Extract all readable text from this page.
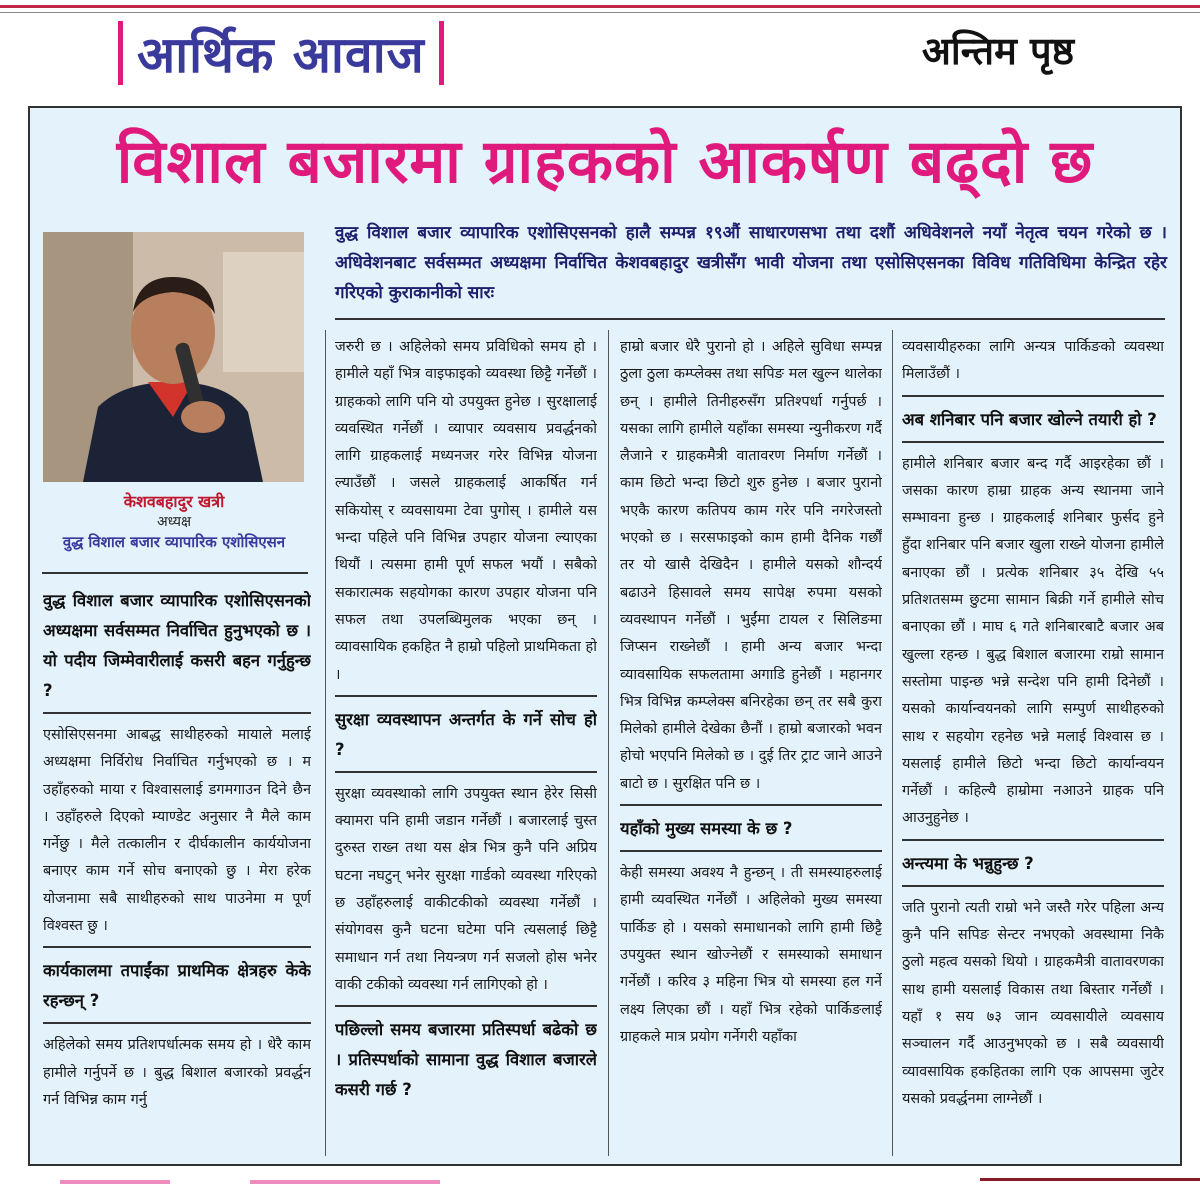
आर्थिक आवाज	अन्तिम पृष्ठ
विशाल बजारमा ग्राहकको आकर्षण बढ्दो छ
केशवबहादुर खत्री
अध्यक्ष
वुद्ध विशाल बजार व्यापारिक एशोसिएसन
वुद्ध विशाल बजार व्यापारिक एशोसिएसनको हालै सम्पन्न १९औं साधारणसभा तथा दशौं अधिवेशनले नयाँ नेतृत्व चयन गरेको छ । अधिवेशनबाट सर्वसम्मत अध्यक्षमा निर्वाचित केशवबहादुर खत्रीसँग भावी योजना तथा एसोसिएसनका विविध गतिविधिमा केन्द्रित रहेर गरिएको कुराकानीको सारः
वुद्ध विशाल बजार व्यापारिक एशोसिएसनको अध्यक्षमा सर्वसम्मत निर्वाचित हुनुभएको छ । यो पदीय जिम्मेवारीलाई कसरी बहन गर्नुहुन्छ ?
एसोसिएसनमा आबद्ध साथीहरुको मायाले मलाई अध्यक्षमा निर्विरोध निर्वाचित गर्नुभएको छ । म उहाँहरुको माया र विश्वासलाई डगमगाउन दिने छैन । उहाँहरुले दिएको म्याण्डेट अनुसार नै मैले काम गर्नेछु । मैले तत्कालीन र दीर्घकालीन कार्ययोजना बनाएर काम गर्ने सोच बनाएको छु । मेरा हरेक योजनामा सबै साथीहरुको साथ पाउनेमा म पूर्ण विश्वस्त छु ।
कार्यकालमा तपाईंका प्राथमिक क्षेत्रहरु केके रहन्छन् ?
अहिलेको समय प्रतिशपर्धात्मक समय हो । धेरै काम हामीले गर्नुपर्ने छ । बुद्ध बिशाल बजारको प्रवर्द्धन गर्न विभिन्न काम गर्नु
जरुरी छ । अहिलेको समय प्रविधिको समय हो । हामीले यहाँ भित्र वाइफाइको व्यवस्था छिट्टै गर्नेछौं । ग्राहकको लागि पनि यो उपयुक्त हुनेछ । सुरक्षालाई व्यवस्थित गर्नेछौं । व्यापार व्यवसाय प्रवर्द्धनको लागि ग्राहकलाई मध्यनजर गरेर विभिन्न योजना ल्याउँछौं । जसले ग्राहकलाई आकर्षित गर्न सकियोस् र व्यवसायमा टेवा पुगोस् । हामीले यस भन्दा पहिले पनि विभिन्न उपहार योजना ल्याएका थियौं । त्यसमा हामी पूर्ण सफल भयौं । सबैको सकारात्मक सहयोगका कारण उपहार योजना पनि सफल तथा उपलब्धिमुलक भएका छन् । व्यावसायिक हकहित नै हाम्रो पहिलो प्राथमिकता हो ।
सुरक्षा व्यवस्थापन अन्तर्गत के गर्ने सोच हो ?
सुरक्षा व्यवस्थाको लागि उपयुक्त स्थान हेरेर सिसी क्यामरा पनि हामी जडान गर्नेछौं । बजारलाई चुस्त दुरुस्त राख्न तथा यस क्षेत्र भित्र कुनै पनि अप्रिय घटना नघटुन् भनेर सुरक्षा गार्डको व्यवस्था गरिएको छ उहाँहरुलाई वाकीटकीको व्यवस्था गर्नेछौं । संयोगवस कुनै घटना घटेमा पनि त्यसलाई छिट्टै समाधान गर्न तथा नियन्त्रण गर्न सजलो होस भनेर वाकी टकीको व्यवस्था गर्न लागिएको हो ।
पछिल्लो समय बजारमा प्रतिस्पर्धा बढेको छ । प्रतिस्पर्धाको सामाना वुद्ध विशाल बजारले कसरी गर्छ ?
हाम्रो बजार धेरै पुरानो हो । अहिले सुविधा सम्पन्न ठुला ठुला कम्प्लेक्स तथा सपिङ मल खुल्न थालेका छन् । हामीले तिनीहरुसँग प्रतिश्पर्धा गर्नुपर्छ । यसका लागि हामीले यहाँका समस्या न्युनीकरण गर्दै लैजाने र ग्राहकमैत्री वातावरण निर्माण गर्नेछौं । काम छिटो भन्दा छिटो शुरु हुनेछ । बजार पुरानो भएकै कारण कतिपय काम गरेर पनि नगरेजस्तो भएको छ । सरसफाइको काम हामी दैनिक गर्छौं तर यो खासै देखिदैन । हामीले यसको शौन्दर्य बढाउने हिसावले समय सापेक्ष रुपमा यसको व्यवस्थापन गर्नेछौं । भुईंमा टायल र सिलिङमा जिप्सन राख्नेछौं । हामी अन्य बजार भन्दा व्यावसायिक सफलतामा अगाडि हुनेछौं । महानगर भित्र विभिन्न कम्प्लेक्स बनिरहेका छन् तर सबै कुरा मिलेको हामीले देखेका छैनौं । हाम्रो बजारको भवन होचो भएपनि मिलेको छ । दुई तिर ट्राट जाने आउने बाटो छ । सुरक्षित पनि छ ।
यहाँको मुख्य समस्या के छ ?
केही समस्या अवश्य नै हुन्छन् । ती समस्याहरुलाई हामी व्यवस्थित गर्नेछौं । अहिलेको मुख्य समस्या पार्किङ हो । यसको समाधानको लागि हामी छिट्टै उपयुक्त स्थान खोज्नेछौं र समस्याको समाधान गर्नेछौं । करिव ३ महिना भित्र यो समस्या हल गर्ने लक्ष्य लिएका छौं । यहाँ भित्र रहेको पार्किङलाई ग्राहकले मात्र प्रयोग गर्नेगरी यहाँका
व्यवसायीहरुका लागि अन्यत्र पार्किङको व्यवस्था मिलाउँछौं ।
अब शनिबार पनि बजार खोल्ने तयारी हो ?
हामीले शनिबार बजार बन्द गर्दै आइरहेका छौं । जसका कारण हाम्रा ग्राहक अन्य स्थानमा जाने सम्भावना हुन्छ । ग्राहकलाई शनिबार फुर्सद हुने हुँदा शनिबार पनि बजार खुला राख्ने योजना हामीले बनाएका छौं । प्रत्येक शनिबार ३५ देखि ५५ प्रतिशतसम्म छुटमा सामान बिक्री गर्ने हामीले सोच बनाएका छौं । माघ ६ गते शनिबारबाटै बजार अब खुल्ला रहन्छ । बुद्ध बिशाल बजारमा राम्रो सामान सस्तोमा पाइन्छ भन्ने सन्देश पनि हामी दिनेछौं । यसको कार्यान्वयनको लागि सम्पुर्ण साथीहरुको साथ र सहयोग रहनेछ भन्ने मलाई विश्वास छ । यसलाई हामीले छिटो भन्दा छिटो कार्यान्वयन गर्नेछौं । कहिल्यै हाम्रोमा नआउने ग्राहक पनि आउनुहुनेछ ।
अन्त्यमा के भन्नुहुन्छ ?
जति पुरानो त्यती राम्रो भने जस्तै गरेर पहिला अन्य कुनै पनि सपिङ सेन्टर नभएको अवस्थामा निकै ठुलो महत्व यसको थियो । ग्राहकमैत्री वातावरणका साथ हामी यसलाई विकास तथा बिस्तार गर्नेछौं । यहाँ १ सय ७३ जान व्यवसायीले व्यवसाय सञ्चालन गर्दै आउनुभएको छ । सबै व्यवसायी व्यावसायिक हकहितका लागि एक आपसमा जुटेर यसको प्रवर्द्धनमा लाग्नेछौं ।
